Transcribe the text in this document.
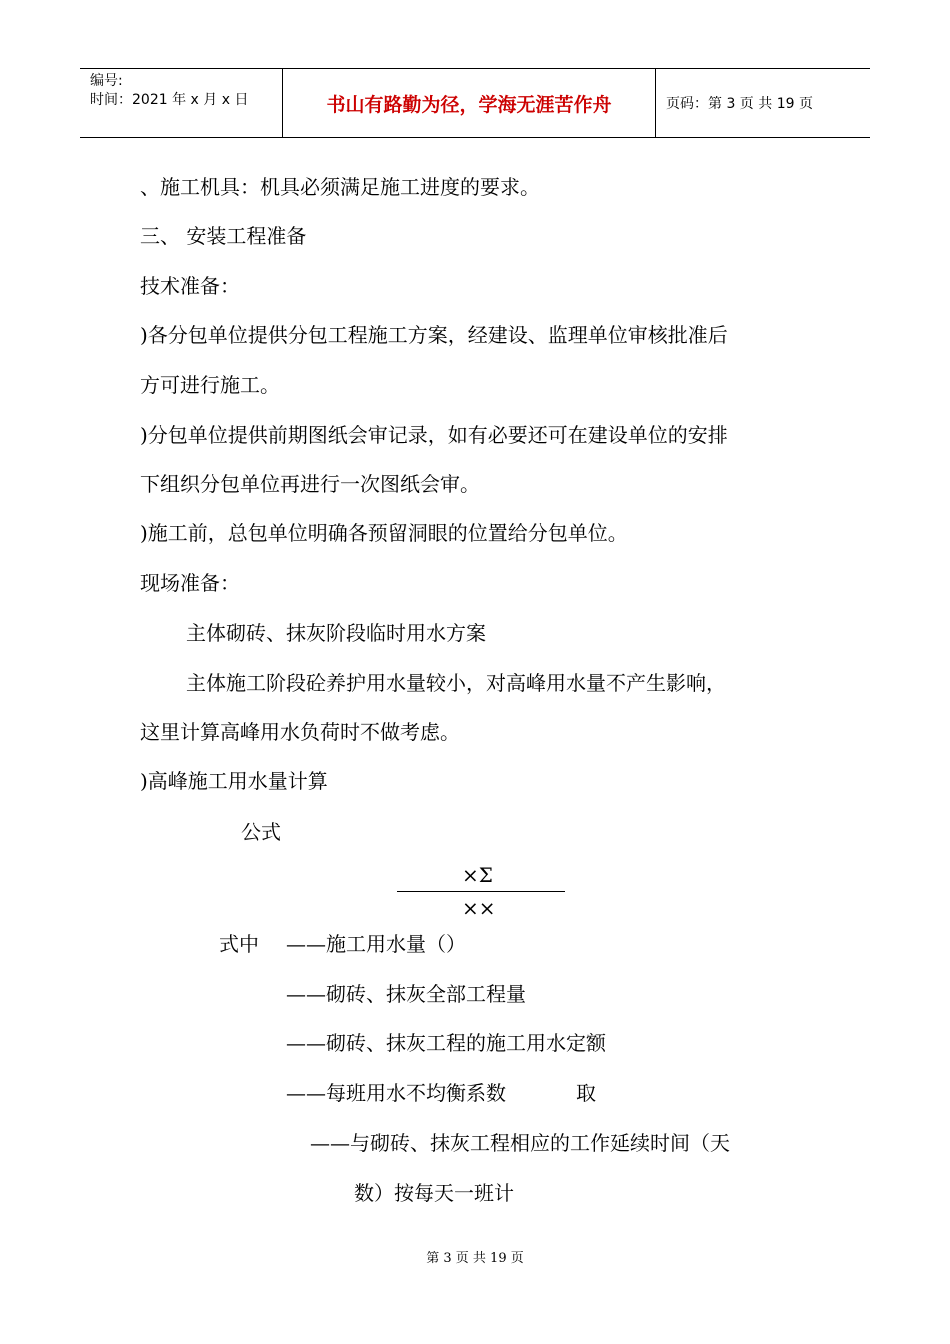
编号:
时间：2021 年 x 月 x 日	书山有路勤为径，学海无涯苦作舟	页码：第 3 页 共 19 页
、施工机具：机具必须满足施工进度的要求。
三、 安装工程准备
技术准备：
)各分包单位提供分包工程施工方案，经建设、监理单位审核批准后
方可进行施工。
)分包单位提供前期图纸会审记录，如有必要还可在建设单位的安排
下组织分包单位再进行一次图纸会审。
)施工前，总包单位明确各预留洞眼的位置给分包单位。
现场准备：
主体砌砖、抹灰阶段临时用水方案
主体施工阶段砼养护用水量较小，对高峰用水量不产生影响，
这里计算高峰用水负荷时不做考虑。
)高峰施工用水量计算
公式
×Σ
××
式中 ——施工用水量（）
——砌砖、抹灰全部工程量
——砌砖、抹灰工程的施工用水定额
——每班用水不均衡系数	取
——与砌砖、抹灰工程相应的工作延续时间（天
数）按每天一班计
第 3 页 共 19 页
